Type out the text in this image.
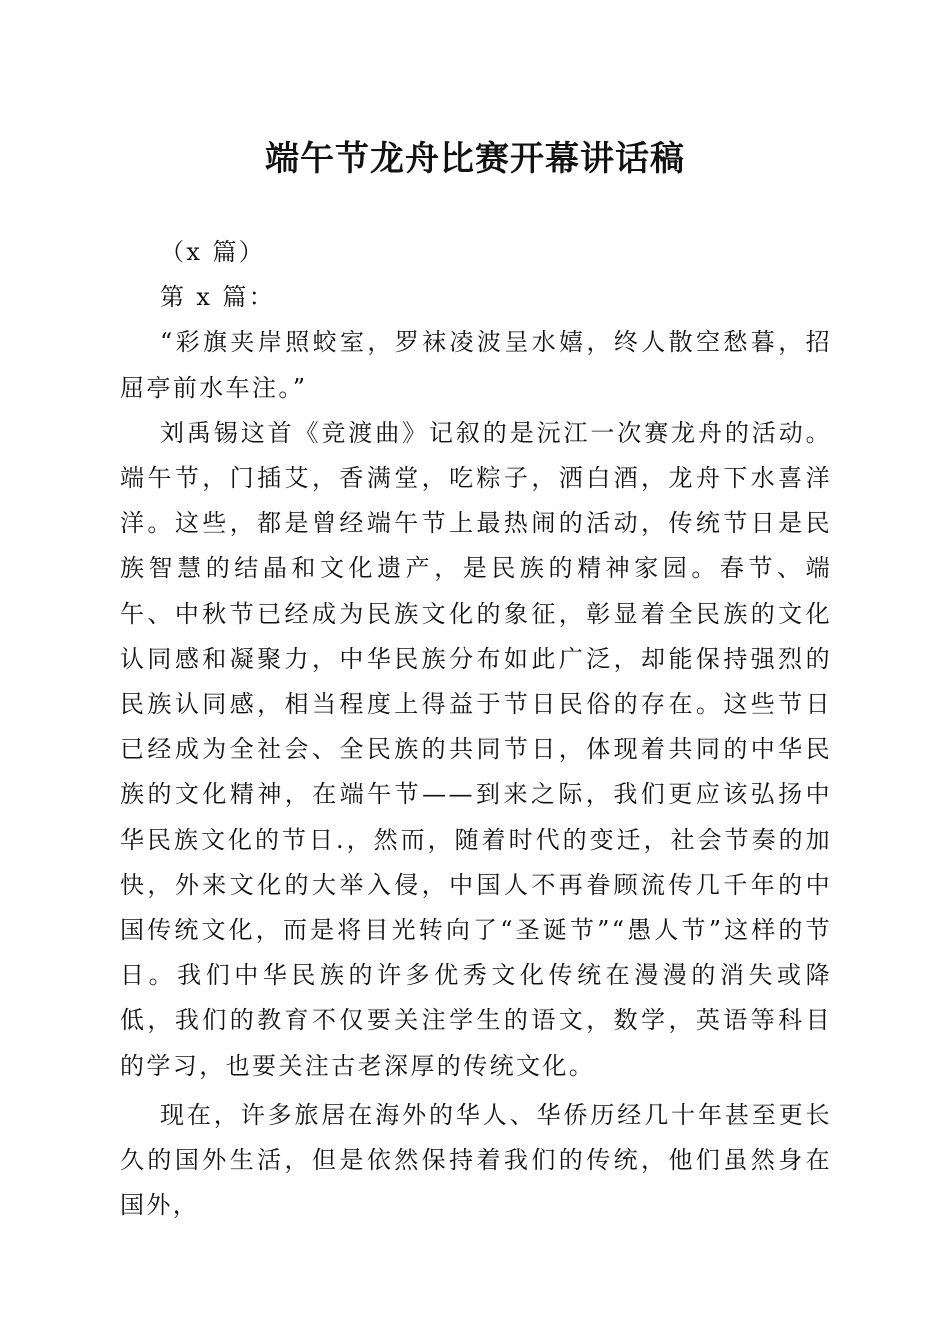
端午节龙舟比赛开幕讲话稿

（x 篇）

第 x 篇：

“彩旗夹岸照蛟室，罗袜凌波呈水嬉，终人散空愁暮，招屈亭前水车注。”

刘禹锡这首《竞渡曲》记叙的是沅江一次赛龙舟的活动。端午节，门插艾，香满堂，吃粽子，洒白酒，龙舟下水喜洋洋。这些，都是曾经端午节上最热闹的活动，传统节日是民族智慧的结晶和文化遗产，是民族的精神家园。春节、端午、中秋节已经成为民族文化的象征，彰显着全民族的文化认同感和凝聚力，中华民族分布如此广泛，却能保持强烈的民族认同感，相当程度上得益于节日民俗的存在。这些节日已经成为全社会、全民族的共同节日，体现着共同的中华民族的文化精神，在端午节——到来之际，我们更应该弘扬中华民族文化的节日.，然而，随着时代的变迁，社会节奏的加快，外来文化的大举入侵，中国人不再眷顾流传几千年的中国传统文化，而是将目光转向了“圣诞节”“愚人节”这样的节日。我们中华民族的许多优秀文化传统在漫漫的消失或降低，我们的教育不仅要关注学生的语文，数学，英语等科目的学习，也要关注古老深厚的传统文化。

现在，许多旅居在海外的华人、华侨历经几十年甚至更长久的国外生活，但是依然保持着我们的传统，他们虽然身在国外，
